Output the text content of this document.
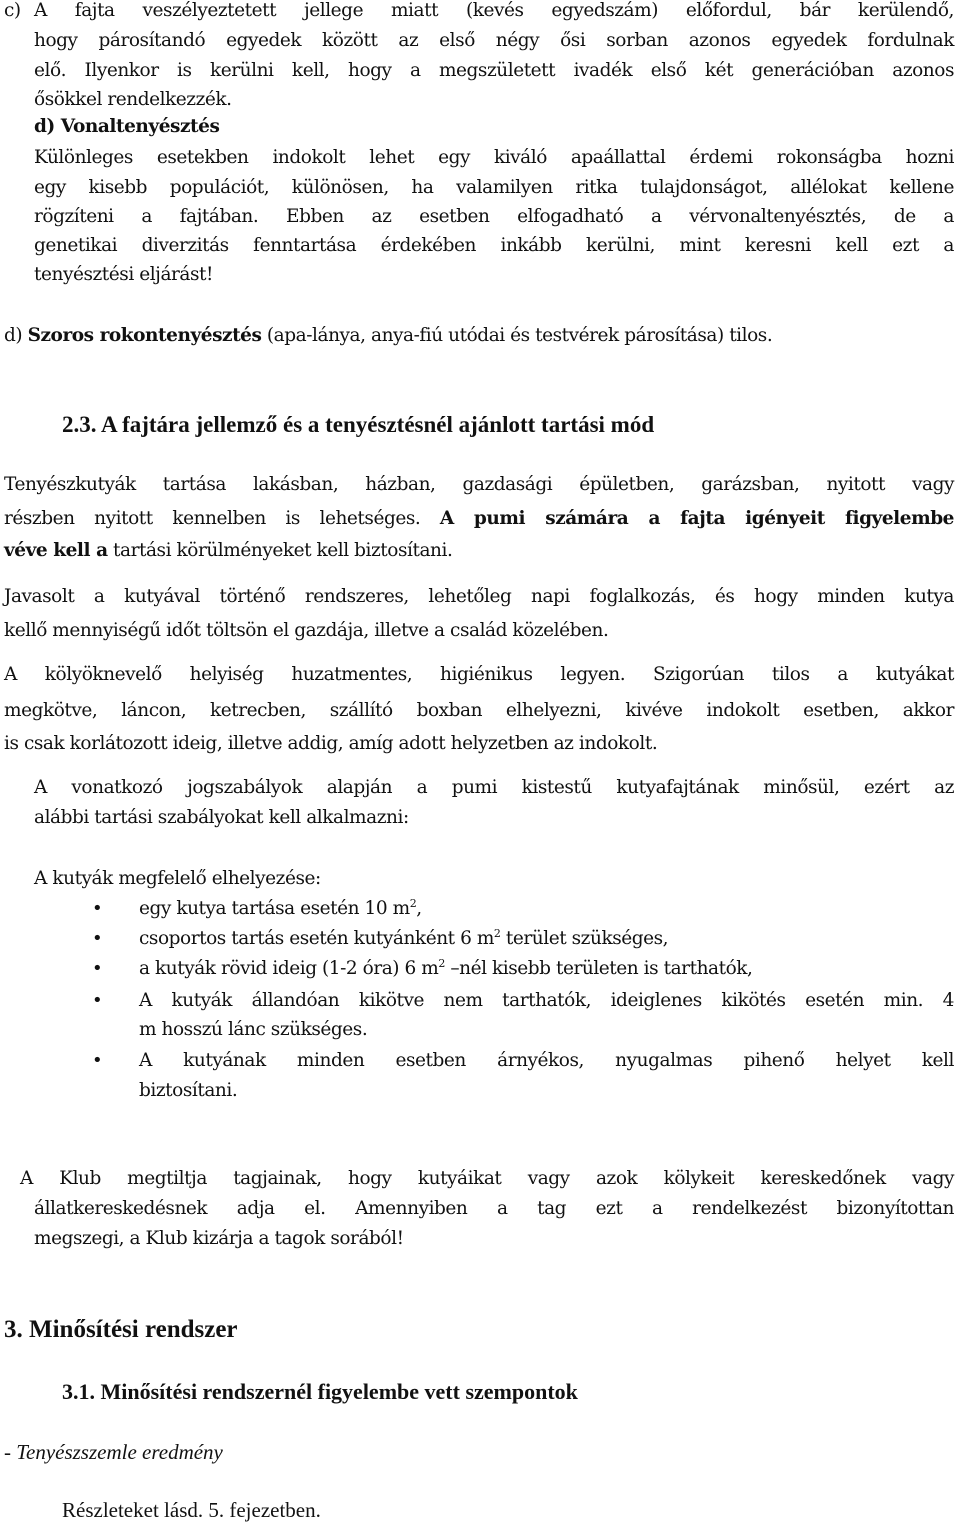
c) A fajta veszélyeztetett jellege miatt (kevés egyedszám) előfordul, bár kerülendő,
hogy párosítandó egyedek között az első négy ősi sorban azonos egyedek fordulnak
elő. Ilyenkor is kerülni kell, hogy a megszületett ivadék első két generációban azonos
ősökkel rendelkezzék.
d) Vonaltenyésztés
Különleges esetekben indokolt lehet egy kiváló apaállattal érdemi rokonságba hozni
egy kisebb populációt, különösen, ha valamilyen ritka tulajdonságot, allélokat kellene
rögzíteni a fajtában. Ebben az esetben elfogadható a vérvonaltenyésztés, de a
genetikai diverzitás fenntartása érdekében inkább kerülni, mint keresni kell ezt a
tenyésztési eljárást!
d) Szoros rokontenyésztés (apa-lánya, anya-fiú utódai és testvérek párosítása) tilos.
2.3. A fajtára jellemző és a tenyésztésnél ajánlott tartási mód
Tenyészkutyák tartása lakásban, házban, gazdasági épületben, garázsban, nyitott vagy
részben nyitott kennelben is lehetséges. A pumi számára a fajta igényeit figyelembe
véve kell a tartási körülményeket kell biztosítani.
Javasolt a kutyával történő rendszeres, lehetőleg napi foglalkozás, és hogy minden kutya
kellő mennyiségű időt töltsön el gazdája, illetve a család közelében.
A kölyöknevelő helyiség huzatmentes, higiénikus legyen. Szigorúan tilos a kutyákat
megkötve, láncon, ketrecben, szállító boxban elhelyezni, kivéve indokolt esetben, akkor
is csak korlátozott ideig, illetve addig, amíg adott helyzetben az indokolt.
A vonatkozó jogszabályok alapján a pumi kistestű kutyafajtának minősül, ezért az
alábbi tartási szabályokat kell alkalmazni:
A kutyák megfelelő elhelyezése:
• egy kutya tartása esetén 10 $m^2$,
• csoportos tartás esetén kutyánként 6 $m^2$ terület szükséges,
• a kutyák rövid ideig (1-2 óra) 6 $m^2$ –nél kisebb területen is tarthatók,
• A kutyák állandóan kikötve nem tarthatók, ideiglenes kikötés esetén min. 4
m hosszú lánc szükséges.
• A kutyának minden esetben árnyékos, nyugalmas pihenő helyet kell
biztosítani.
A Klub megtiltja tagjainak, hogy kutyáikat vagy azok kölykeit kereskedőnek vagy
állatkereskedésnek adja el. Amennyiben a tag ezt a rendelkezést bizonyítottan
megszegi, a Klub kizárja a tagok sorából!
3. Minősítési rendszer
3.1. Minősítési rendszernél figyelembe vett szempontok
- Tenyészszemle eredmény
Részleteket lásd. 5. fejezetben.
